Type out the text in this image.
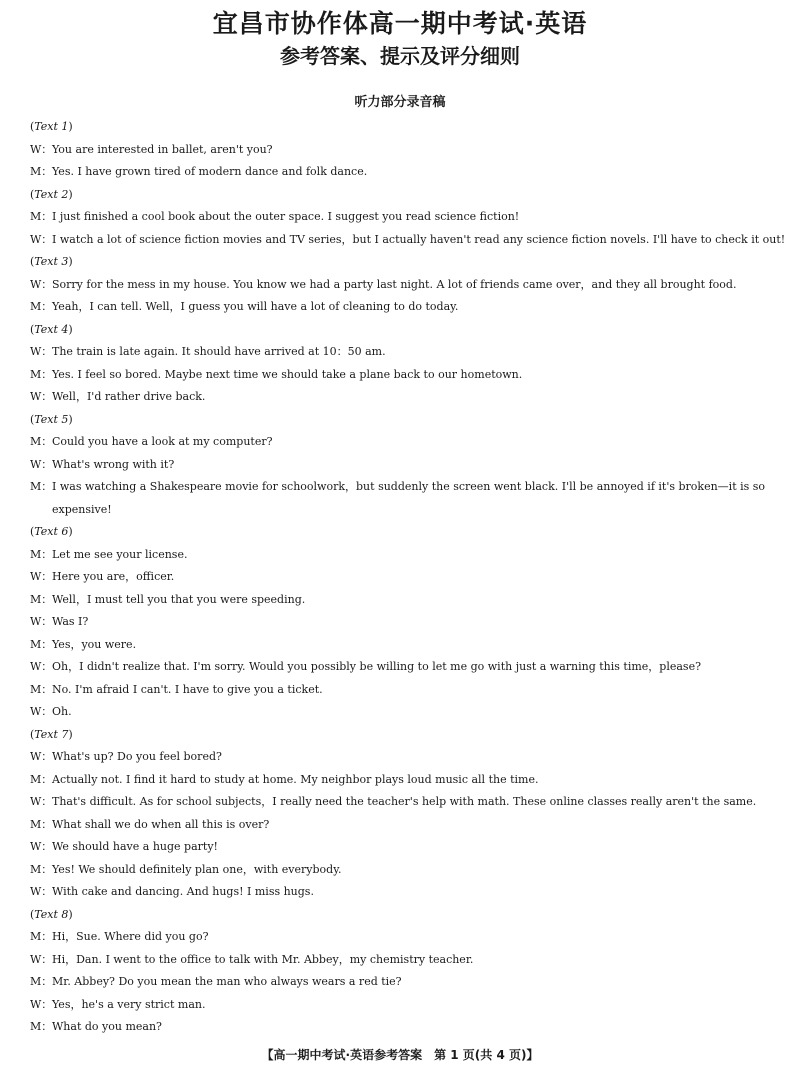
宜昌市协作体高一期中考试·英语
参考答案、提示及评分细则
听力部分录音稿
(Text 1)
W：You are interested in ballet, aren't you?
M：Yes. I have grown tired of modern dance and folk dance.
(Text 2)
M：I just finished a cool book about the outer space. I suggest you read science fiction!
W：I watch a lot of science fiction movies and TV series，but I actually haven't read any science fiction novels. I'll have to check it out!
(Text 3)
W：Sorry for the mess in my house. You know we had a party last night. A lot of friends came over，and they all brought food.
M：Yeah，I can tell. Well，I guess you will have a lot of cleaning to do today.
(Text 4)
W：The train is late again. It should have arrived at 10：50 am.
M：Yes. I feel so bored. Maybe next time we should take a plane back to our hometown.
W：Well，I'd rather drive back.
(Text 5)
M：Could you have a look at my computer?
W：What's wrong with it?
M： I was watching a Shakespeare movie for schoolwork，but suddenly the screen went black. I'll be annoyed if it's broken—it is so expensive!
(Text 6)
M：Let me see your license.
W：Here you are，officer.
M：Well，I must tell you that you were speeding.
W：Was I?
M：Yes，you were.
W：Oh，I didn't realize that. I'm sorry. Would you possibly be willing to let me go with just a warning this time，please?
M：No. I'm afraid I can't. I have to give you a ticket.
W：Oh.
(Text 7)
W：What's up? Do you feel bored?
M：Actually not. I find it hard to study at home. My neighbor plays loud music all the time.
W：That's difficult. As for school subjects，I really need the teacher's help with math. These online classes really aren't the same.
M：What shall we do when all this is over?
W：We should have a huge party!
M：Yes! We should definitely plan one，with everybody.
W：With cake and dancing. And hugs! I miss hugs.
(Text 8)
M：Hi，Sue. Where did you go?
W：Hi，Dan. I went to the office to talk with Mr. Abbey，my chemistry teacher.
M：Mr. Abbey? Do you mean the man who always wears a red tie?
W：Yes，he's a very strict man.
M：What do you mean?
【高一期中考试·英语参考答案　第 1 页(共 4 页)】
